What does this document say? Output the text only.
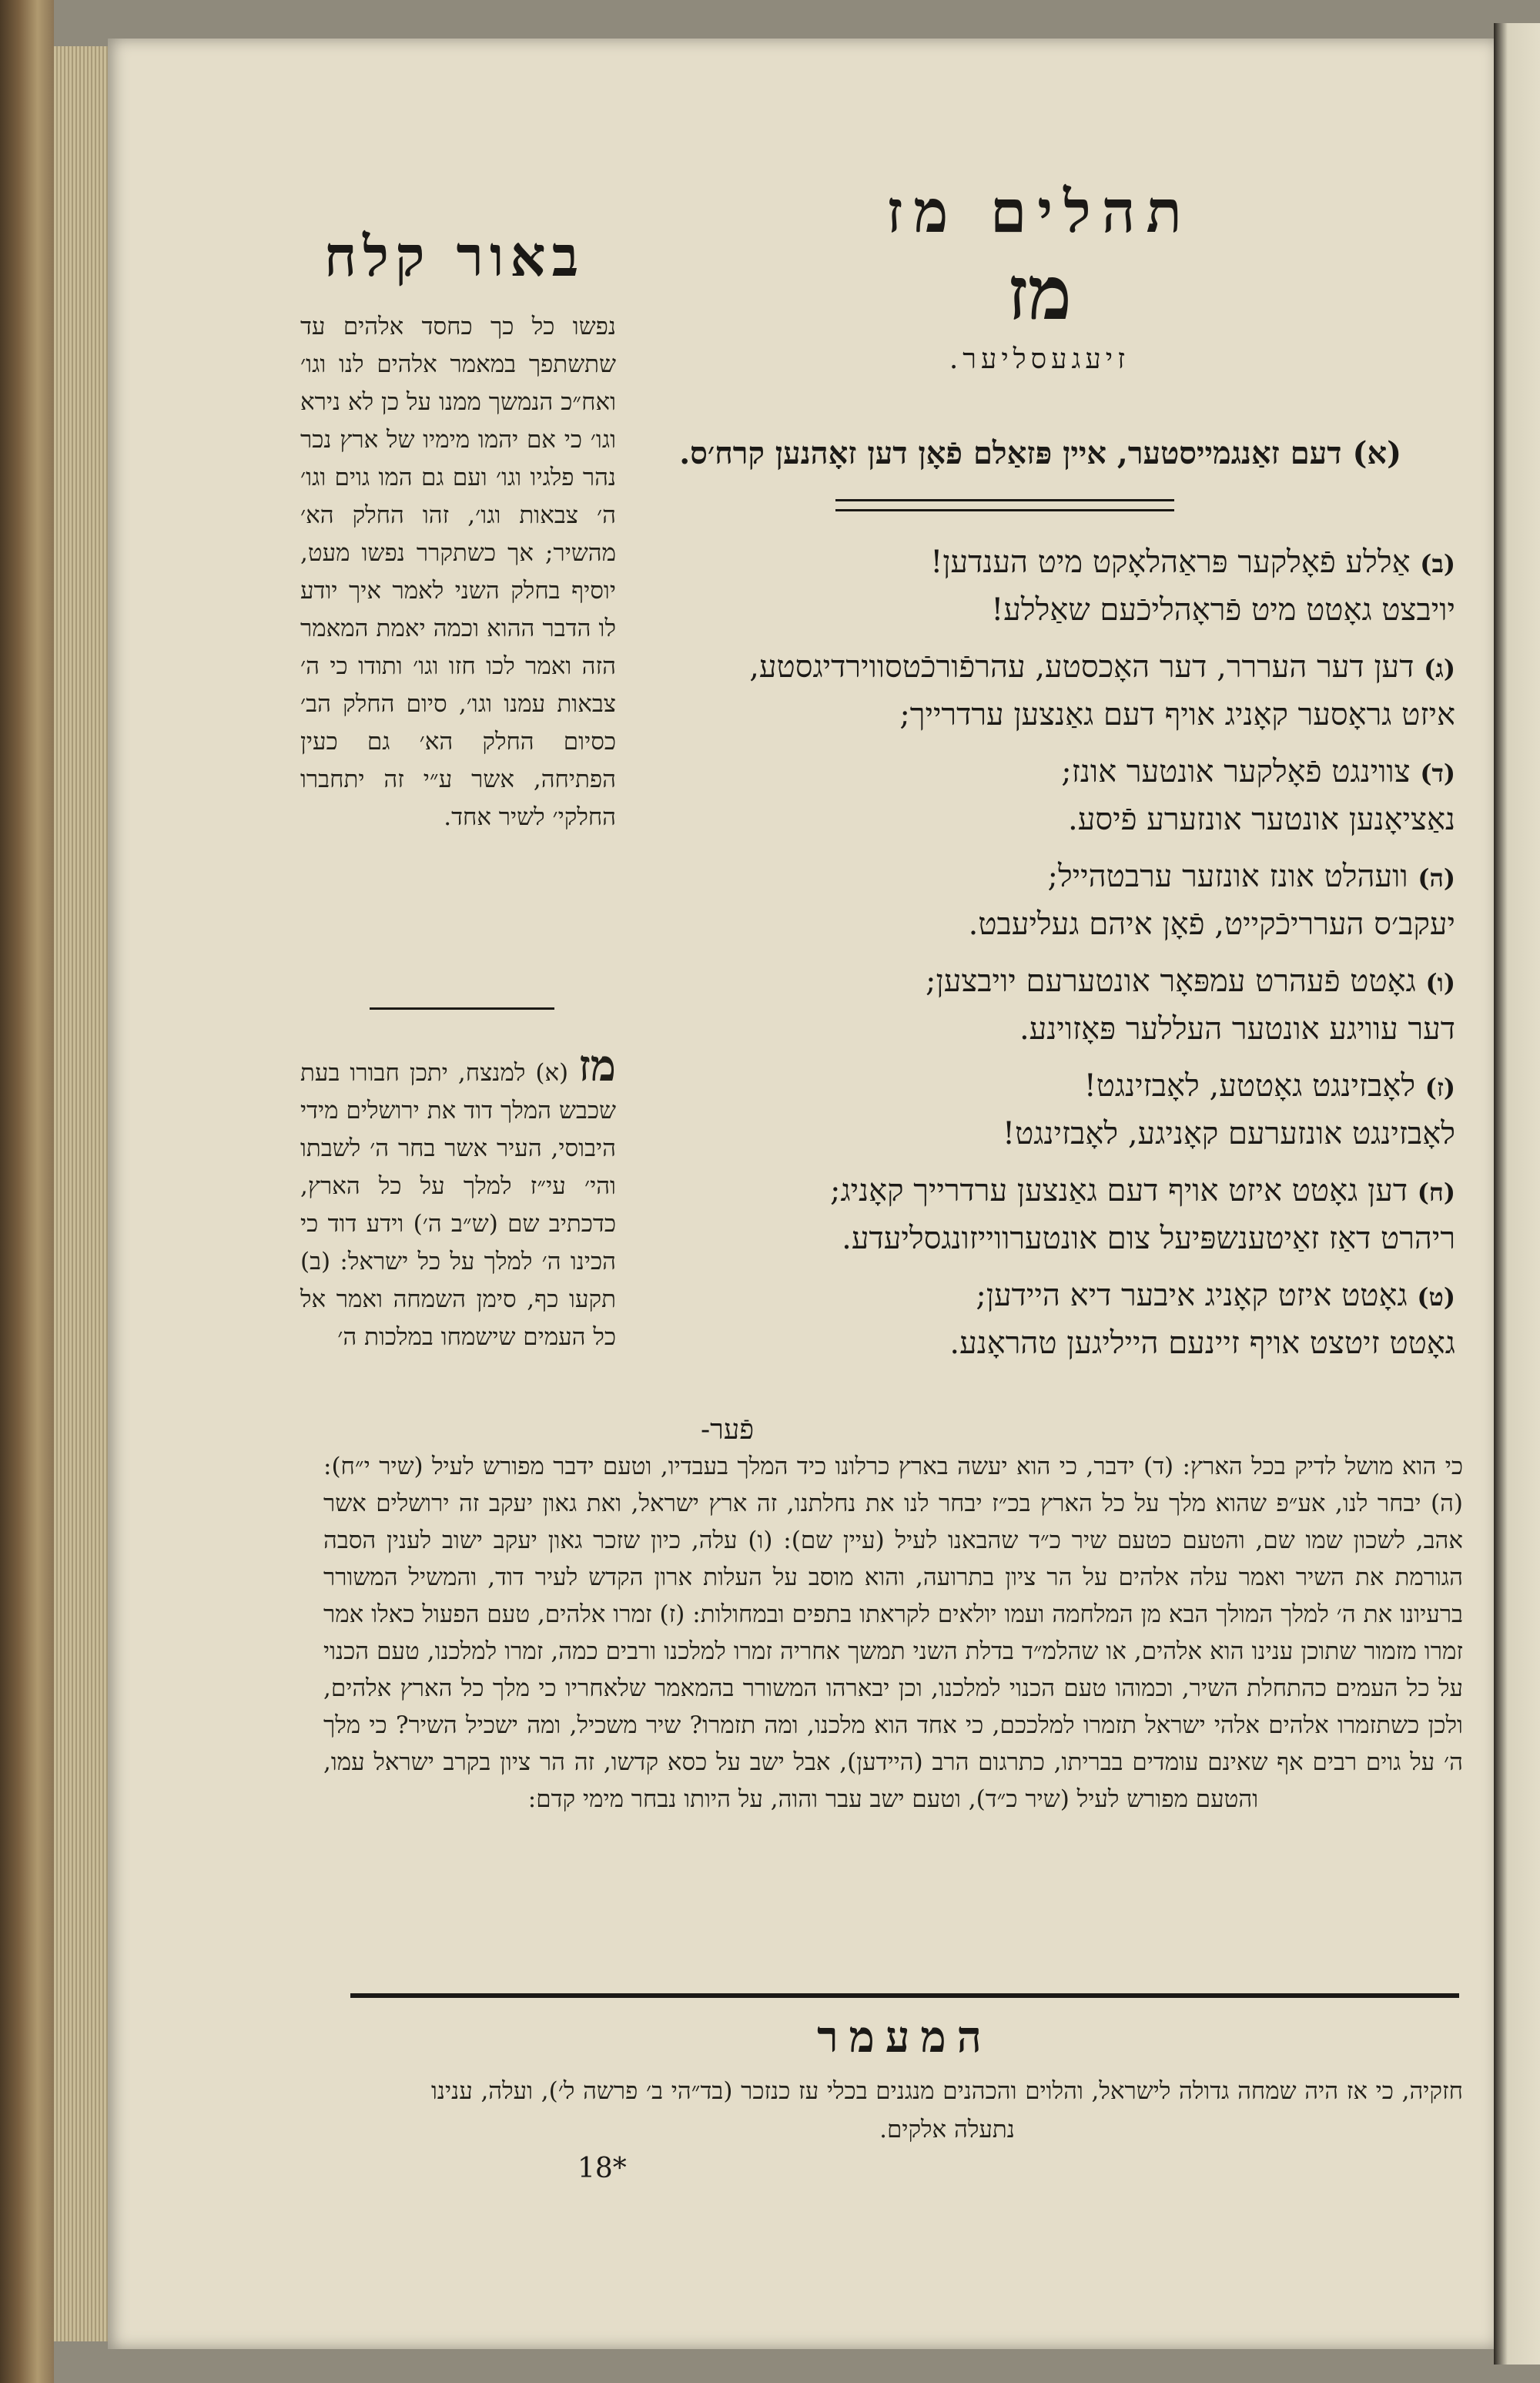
תהלים מז
מז
זיעגעסליער.
(א) דעם זאַנגמייסטער, איין פּזאַלם פֿאָן דען זאָהנען קרח׳ס.
(ב) אַללע פֿאָלקער פּראַהלאָקט מיט הענדען!
יויבצט גאָטט מיט פֿראָהליכֿעם שאַללע!
(ג) דען דער העררר, דער האָכסטע, עהרפֿורכֿטסווירדיגסטע,
איזט גראָסער קאָניג אויף דעם גאַנצען ערדרייך;
(ד) צווינגט פֿאָלקער אונטער אונז;
נאַציאָנען אונטער אונזערע פֿיסע.
(ה) וועהלט אונז אונזער ערבטהייל;
יעקב׳ס הערריכֿקייט, פֿאָן איהם געליעבט.
(ו) גאָטט פֿעהרט עמפּאָר אונטערעם יויבצען;
דער עוויגע אונטער העללער פּאָזוינע.
(ז) לאָבזינגט גאָטטע, לאָבזינגט!
לאָבזינגט אונזערעם קאָניגע, לאָבזינגט!
(ח) דען גאָטט איזט אויף דעם גאַנצען ערדרייך קאָניג;
ריהרט דאַז זאַיטענשפּיעל צום אונטערווייזונגסליעדע.
(ט) גאָטט איזט קאָניג איבער דיא היידען;
גאָטט זיטצט אויף זיינעם הייליגען טהראָנע.
פֿער-
באור קלח
נפשו כל כך כחסד אלהים עד שתשתפך במאמר אלהים לנו וגו׳ ואח״כ הנמשך ממנו על כן לא נירא וגו׳ כי אם יהמו מימיו של ארץ נכר נהר פלגיו וגו׳ ועם גם המו גוים וגו׳ ה׳ צבאות וגו׳, זהו החלק הא׳ מהשיר; אך כשתקרר נפשו מעט, יוסיף בחלק השני לאמר איך יודע לו הדבר ההוא וכמה יאמת המאמר הזה ואמר לכו חזו וגו׳ ותודו כי ה׳ צבאות עמנו וגו׳, סיום החלק הב׳ כסיום החלק הא׳ גם כעין הפתיחה, אשר ע״י זה יתחברו החלקי׳ לשיר אחד.
מז (א) למנצח, יתכן חבורו בעת שכבש המלך דוד את ירושלים מידי היבוסי, העיר אשר בחר ה׳ לשבתו והי׳ עי״ז למלך על כל הארץ, כדכתיב שם (ש״ב ה׳) וידע דוד כי הכינו ה׳ למלך על כל ישראל: (ב) תקעו כף, סימן השמחה ואמר אל כל העמים שישמחו במלכות ה׳
כי הוא מושל לדיק בכל הארץ: (ד) ידבר, כי הוא יעשה בארץ כרלונו כיד המלך בעבדיו, וטעם ידבר מפורש לעיל (שיר י״ח): (ה) יבחר לנו, אע״פ שהוא מלך על כל הארץ בכ״ז יבחר לנו את נחלתנו, זה ארץ ישראל, ואת גאון יעקב זה ירושלים אשר אהב, לשכון שמו שם, והטעם כטעם שיר כ״ד שהבאנו לעיל (עיין שם): (ו) עלה, כיון שזכר גאון יעקב ישוב לענין הסבה הגורמת את השיר ואמר עלה אלהים על הר ציון בתרועה, והוא מוסב על העלות ארון הקדש לעיר דוד, והמשיל המשורר ברעיונו את ה׳ למלך המולך הבא מן המלחמה ועמו יולאים לקראתו בתפים ובמחולות: (ז) זמרו אלהים, טעם הפעול כאלו אמר זמרו מזמור שתוכן ענינו הוא אלהים, או שהלמ״ד בדלת השני תמשך אחריה זמרו למלכנו ורבים כמה, זמרו למלכנו, טעם הכנוי על כל העמים כהתחלת השיר, וכמוהו טעם הכנוי למלכנו, וכן יבארהו המשורר בהמאמר שלאחריו כי מלך כל הארץ אלהים, ולכן כשתזמרו אלהים אלהי ישראל תזמרו למלככם, כי אחד הוא מלכנו, ומה תזמרו? שיר משכיל, ומה ישכיל השיר? כי מלך ה׳ על גוים רבים אף שאינם עומדים בבריתו, כתרגום הרב (היידען), אבל ישב על כסא קדשו, זה הר ציון בקרב ישראל עמו, והטעם מפורש לעיל (שיר כ״ד), וטעם ישב עבר והוה, על היותו נבחר מימי קדם:
המעמר
חזקיה, כי אז היה שמחה גדולה לישראל, והלוים והכהנים מנגנים בכלי עז כנזכר (בד״הי ב׳ פרשה ל׳), ועלה, ענינו נתעלה אלקים.
18*
